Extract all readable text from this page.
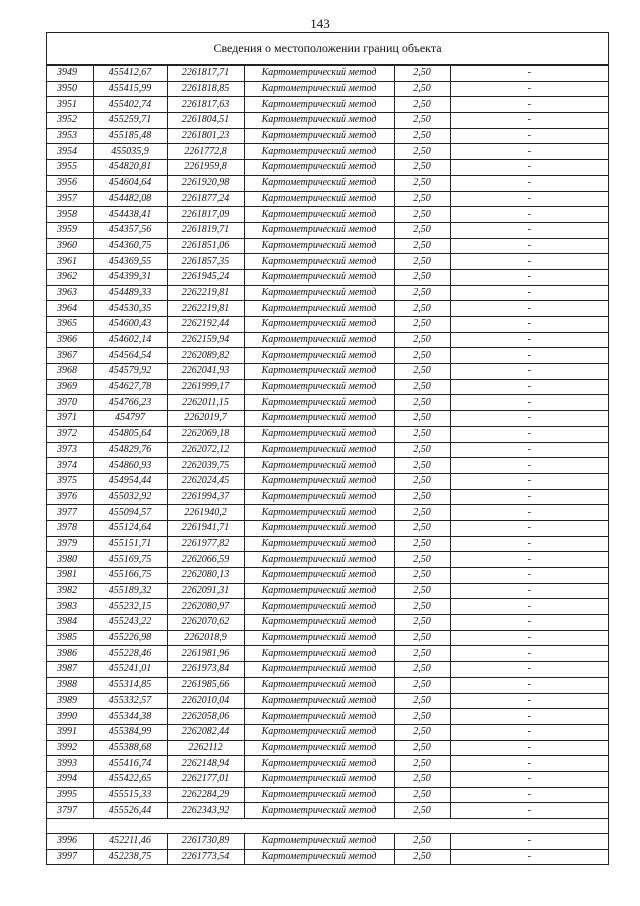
143
Сведения о местоположении границ объекта
3949	455412,67	2261817,71	Картометрический метод	2,50	-
3950	455415,99	2261818,85	Картометрический метод	2,50	-
3951	455402,74	2261817,63	Картометрический метод	2,50	-
3952	455259,71	2261804,51	Картометрический метод	2,50	-
3953	455185,48	2261801,23	Картометрический метод	2,50	-
3954	455035,9	2261772,8	Картометрический метод	2,50	-
3955	454820,81	2261959,8	Картометрический метод	2,50	-
3956	454604,64	2261920,98	Картометрический метод	2,50	-
3957	454482,08	2261877,24	Картометрический метод	2,50	-
3958	454438,41	2261817,09	Картометрический метод	2,50	-
3959	454357,56	2261819,71	Картометрический метод	2,50	-
3960	454360,75	2261851,06	Картометрический метод	2,50	-
3961	454369,55	2261857,35	Картометрический метод	2,50	-
3962	454399,31	2261945,24	Картометрический метод	2,50	-
3963	454489,33	2262219,81	Картометрический метод	2,50	-
3964	454530,35	2262219,81	Картометрический метод	2,50	-
3965	454600,43	2262192,44	Картометрический метод	2,50	-
3966	454602,14	2262159,94	Картометрический метод	2,50	-
3967	454564,54	2262089,82	Картометрический метод	2,50	-
3968	454579,92	2262041,93	Картометрический метод	2,50	-
3969	454627,78	2261999,17	Картометрический метод	2,50	-
3970	454766,23	2262011,15	Картометрический метод	2,50	-
3971	454797	2262019,7	Картометрический метод	2,50	-
3972	454805,64	2262069,18	Картометрический метод	2,50	-
3973	454829,76	2262072,12	Картометрический метод	2,50	-
3974	454860,93	2262039,75	Картометрический метод	2,50	-
3975	454954,44	2262024,45	Картометрический метод	2,50	-
3976	455032,92	2261994,37	Картометрический метод	2,50	-
3977	455094,57	2261940,2	Картометрический метод	2,50	-
3978	455124,64	2261941,71	Картометрический метод	2,50	-
3979	455151,71	2261977,82	Картометрический метод	2,50	-
3980	455169,75	2262066,59	Картометрический метод	2,50	-
3981	455166,75	2262080,13	Картометрический метод	2,50	-
3982	455189,32	2262091,31	Картометрический метод	2,50	-
3983	455232,15	2262080,97	Картометрический метод	2,50	-
3984	455243,22	2262070,62	Картометрический метод	2,50	-
3985	455226,98	2262018,9	Картометрический метод	2,50	-
3986	455228,46	2261981,96	Картометрический метод	2,50	-
3987	455241,01	2261973,84	Картометрический метод	2,50	-
3988	455314,85	2261985,66	Картометрический метод	2,50	-
3989	455332,57	2262010,04	Картометрический метод	2,50	-
3990	455344,38	2262058,06	Картометрический метод	2,50	-
3991	455384,99	2262082,44	Картометрический метод	2,50	-
3992	455388,68	2262112	Картометрический метод	2,50	-
3993	455416,74	2262148,94	Картометрический метод	2,50	-
3994	455422,65	2262177,01	Картометрический метод	2,50	-
3995	455515,33	2262284,29	Картометрический метод	2,50	-
3797	455526,44	2262343,92	Картометрический метод	2,50	-

3996	452211,46	2261730,89	Картометрический метод	2,50	-
3997	452238,75	2261773,54	Картометрический метод	2,50	-
